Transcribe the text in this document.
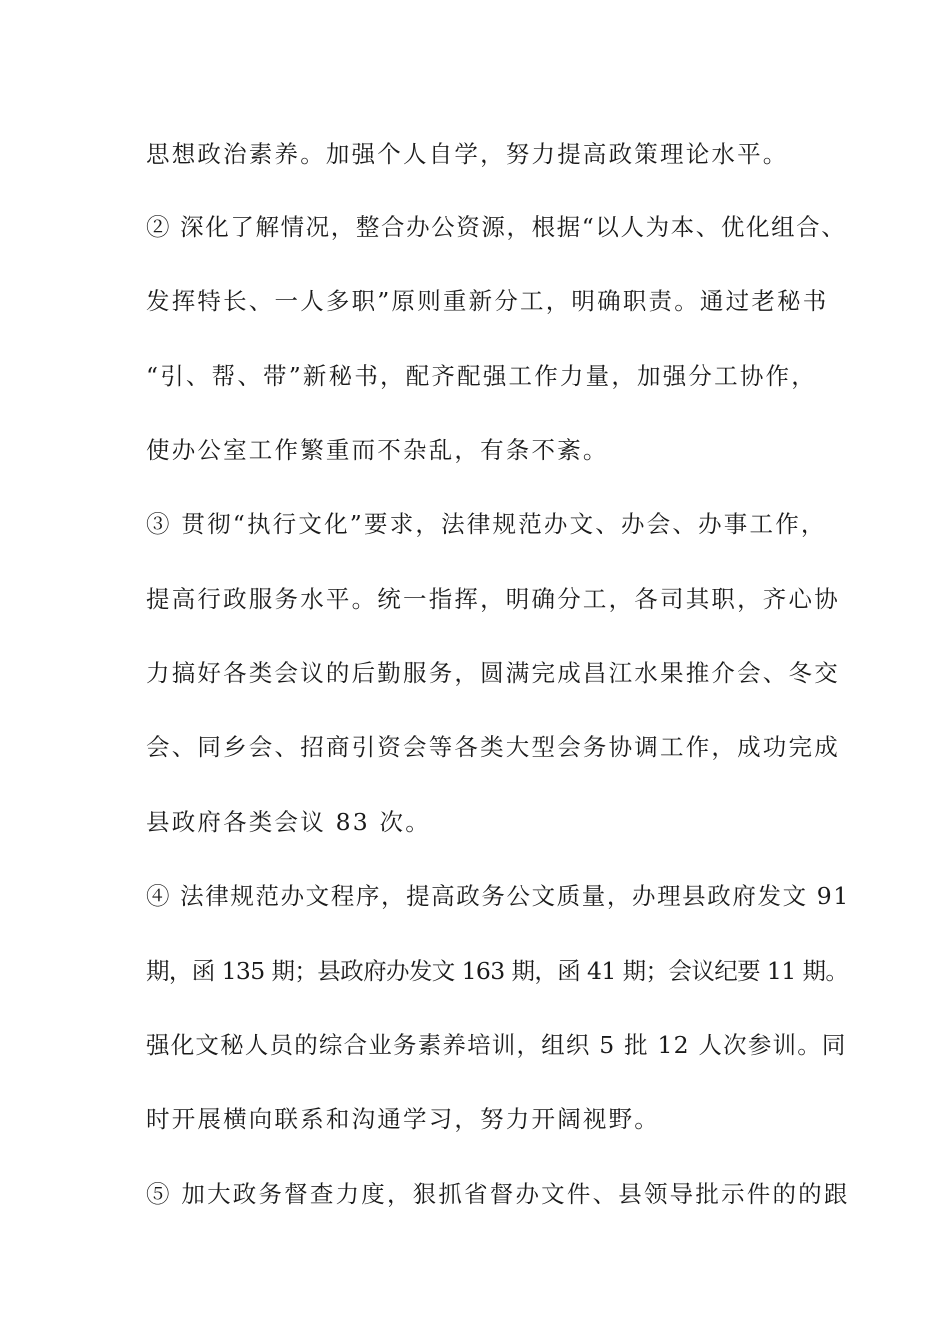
思想政治素养。加强个人自学，努力提高政策理论水平。
② 深化了解情况，整合办公资源，根据“以人为本、优化组合、
发挥特长、一人多职”原则重新分工，明确职责。通过老秘书
“引、帮、带”新秘书，配齐配强工作力量，加强分工协作，
使办公室工作繁重而不杂乱，有条不紊。
③ 贯彻“执行文化”要求，法律规范办文、办会、办事工作，
提高行政服务水平。统一指挥，明确分工，各司其职，齐心协
力搞好各类会议的后勤服务，圆满完成昌江水果推介会、冬交
会、同乡会、招商引资会等各类大型会务协调工作，成功完成
县政府各类会议 83 次。
④ 法律规范办文程序，提高政务公文质量，办理县政府发文 91
期，函 135 期；县政府办发文 163 期，函 41 期；会议纪要 11 期。
强化文秘人员的综合业务素养培训，组织 5 批 12 人次参训。同
时开展横向联系和沟通学习，努力开阔视野。
⑤ 加大政务督查力度，狠抓省督办文件、县领导批示件的的跟
